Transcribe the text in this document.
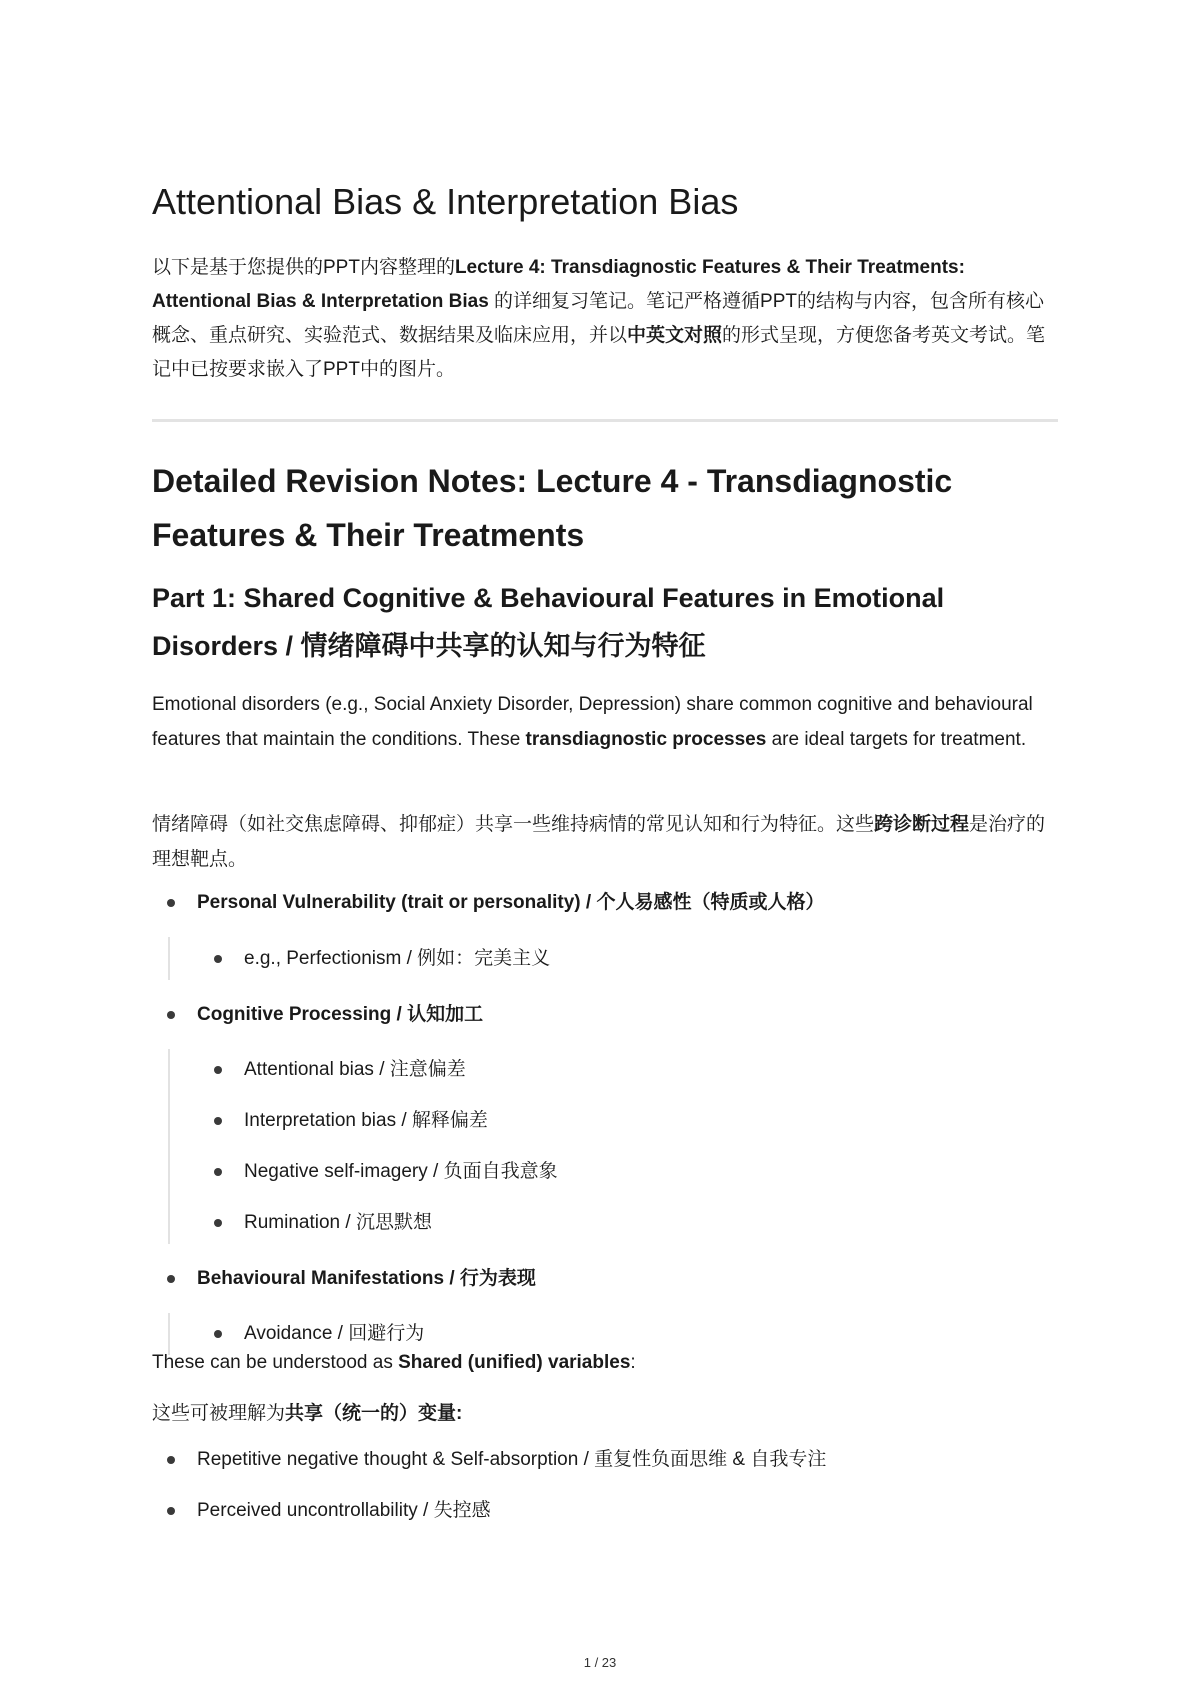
Attentional Bias & Interpretation Bias

以下是基于您提供的PPT内容整理的Lecture 4: Transdiagnostic Features & Their Treatments: Attentional Bias & Interpretation Bias 的详细复习笔记。笔记严格遵循PPT的结构与内容，包含所有核心概念、重点研究、实验范式、数据结果及临床应用，并以中英文对照的形式呈现，方便您备考英文考试。笔记中已按要求嵌入了PPT中的图片。

Detailed Revision Notes: Lecture 4 - Transdiagnostic Features & Their Treatments
Part 1: Shared Cognitive & Behavioural Features in Emotional Disorders / 情绪障碍中共享的认知与行为特征

Emotional disorders (e.g., Social Anxiety Disorder, Depression) share common cognitive and behavioural features that maintain the conditions. These transdiagnostic processes are ideal targets for treatment.

情绪障碍（如社交焦虑障碍、抑郁症）共享一些维持病情的常见认知和行为特征。这些跨诊断过程是治疗的理想靶点。

Personal Vulnerability (trait or personality) / 个人易感性（特质或人格）
e.g., Perfectionism / 例如：完美主义
Cognitive Processing / 认知加工
Attentional bias / 注意偏差
Interpretation bias / 解释偏差
Negative self-imagery / 负面自我意象
Rumination / 沉思默想
Behavioural Manifestations / 行为表现
Avoidance / 回避行为

These can be understood as Shared (unified) variables:

这些可被理解为共享（统一的）变量:

Repetitive negative thought & Self-absorption / 重复性负面思维 & 自我专注
Perceived uncontrollability / 失控感
1 / 23
